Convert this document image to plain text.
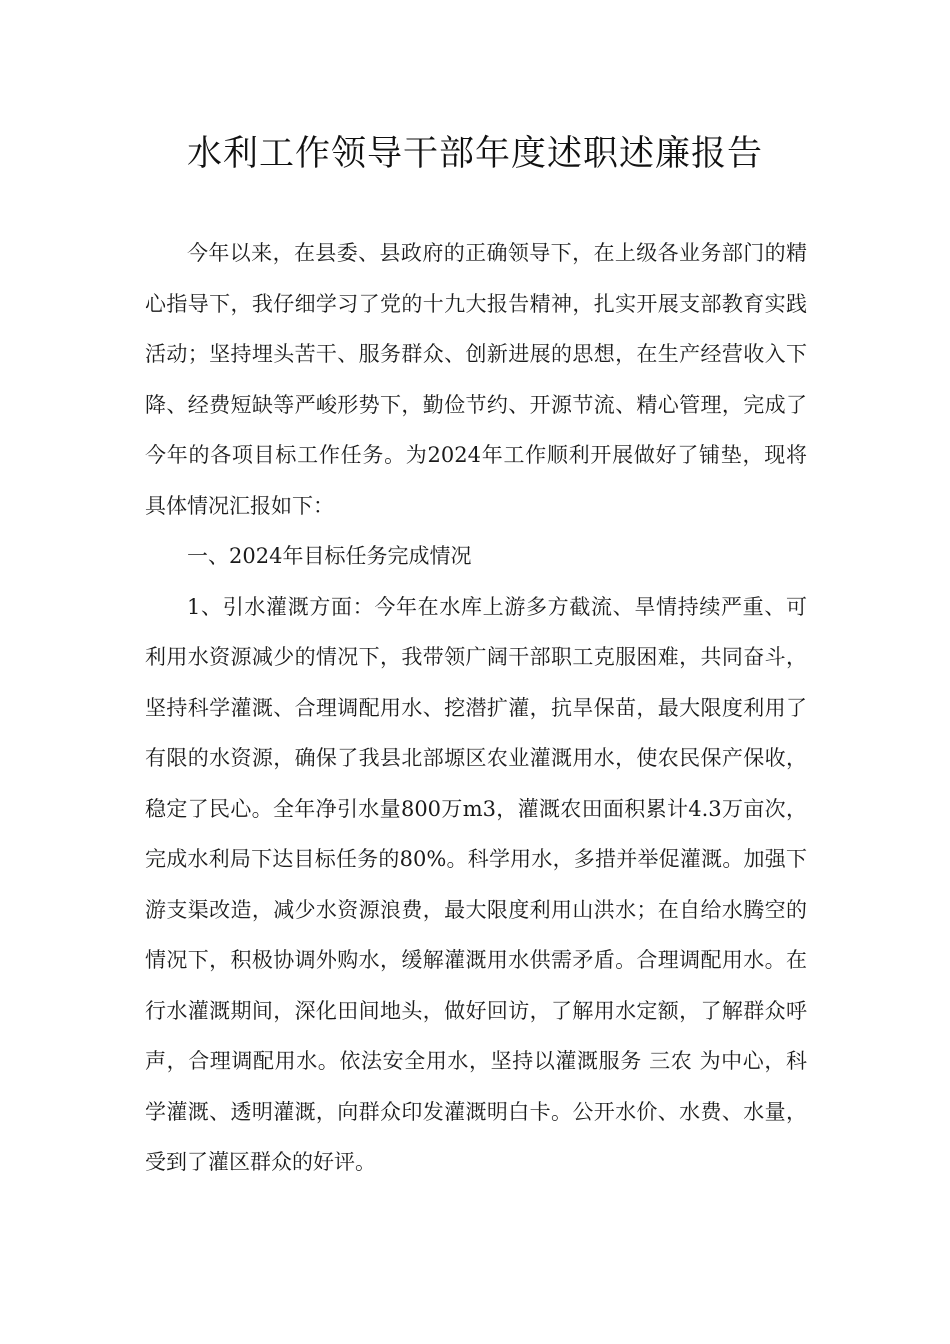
水利工作领导干部年度述职述廉报告

今年以来，在县委、县政府的正确领导下，在上级各业务部门的精心指导下，我仔细学习了党的十九大报告精神，扎实开展支部教育实践活动；坚持埋头苦干、服务群众、创新进展的思想，在生产经营收入下降、经费短缺等严峻形势下，勤俭节约、开源节流、精心管理，完成了今年的各项目标工作任务。为2024年工作顺利开展做好了铺垫，现将具体情况汇报如下：

一、2024年目标任务完成情况

1、引水灌溉方面：今年在水库上游多方截流、旱情持续严重、可利用水资源减少的情况下，我带领广阔干部职工克服困难，共同奋斗，坚持科学灌溉、合理调配用水、挖潜扩灌，抗旱保苗，最大限度利用了有限的水资源，确保了我县北部塬区农业灌溉用水，使农民保产保收，稳定了民心。全年净引水量800万m3，灌溉农田面积累计4.3万亩次，完成水利局下达目标任务的80%。科学用水，多措并举促灌溉。加强下游支渠改造，减少水资源浪费，最大限度利用山洪水；在自给水腾空的情况下，积极协调外购水，缓解灌溉用水供需矛盾。合理调配用水。在行水灌溉期间，深化田间地头，做好回访，了解用水定额，了解群众呼声，合理调配用水。依法安全用水，坚持以灌溉服务 三农 为中心，科学灌溉、透明灌溉，向群众印发灌溉明白卡。公开水价、水费、水量，受到了灌区群众的好评。
